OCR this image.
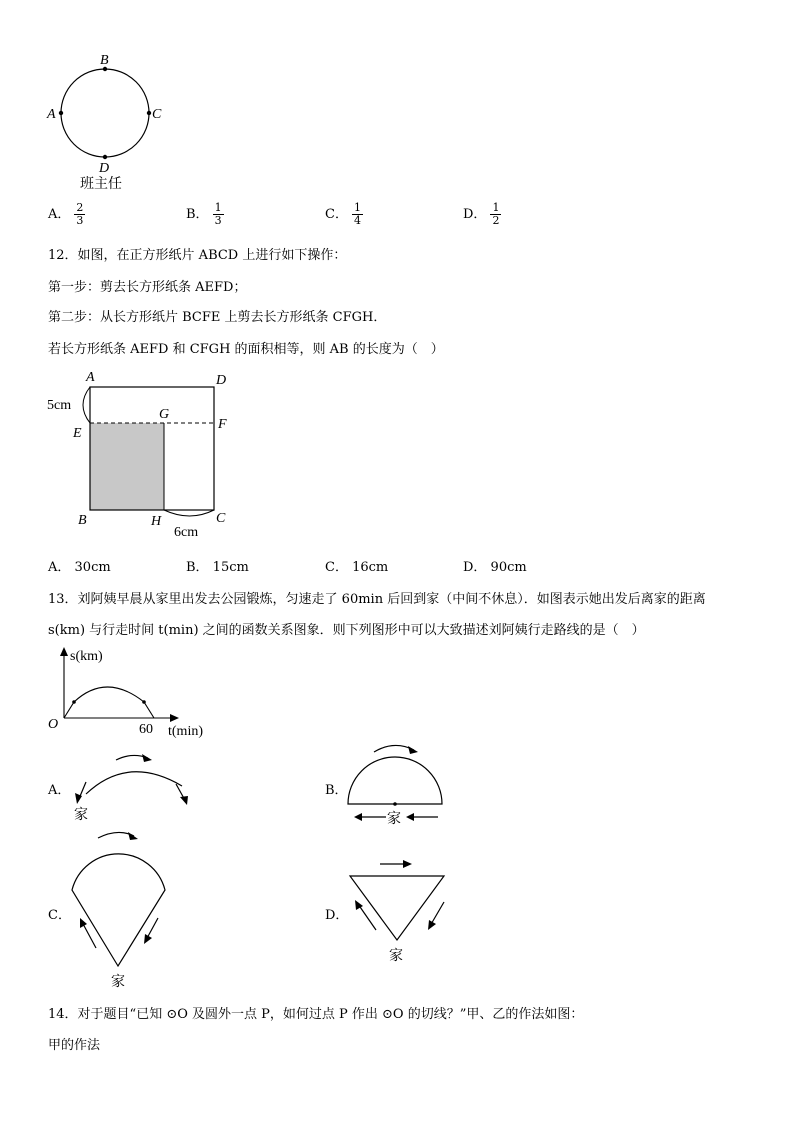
B
A	C
D
班主任
A． $\frac{2}{3}$	B． $\frac{1}{3}$	C． $\frac{1}{4}$	D． $\frac{1}{2}$
12．如图，在正方形纸片 ABCD 上进行如下操作：
第一步：剪去长方形纸条 AEFD；
第二步：从长方形纸片 BCFE 上剪去长方形纸条 CFGH．
若长方形纸条 AEFD 和 CFGH 的面积相等，则 AB 的长度为（　）
A	D
G
E
F
B	H	C
5cm
6cm
A． 30cm	B． 15cm	C． 16cm	D． 90cm
13．刘阿姨早晨从家里出发去公园锻炼，匀速走了 60min 后回到家（中间不休息）．如图表示她出发后离家的距离
s(km) 与行走时间 t(min) 之间的函数关系图象．则下列图形中可以大致描述刘阿姨行走路线的是（　）
s(km)
O	60 t(min)
A．
家
B．
家
C．
家
D．
家
14．对于题目“已知 ⊙O 及圆外一点 P，如何过点 P 作出 ⊙O 的切线？”甲、乙的作法如图：
甲的作法
